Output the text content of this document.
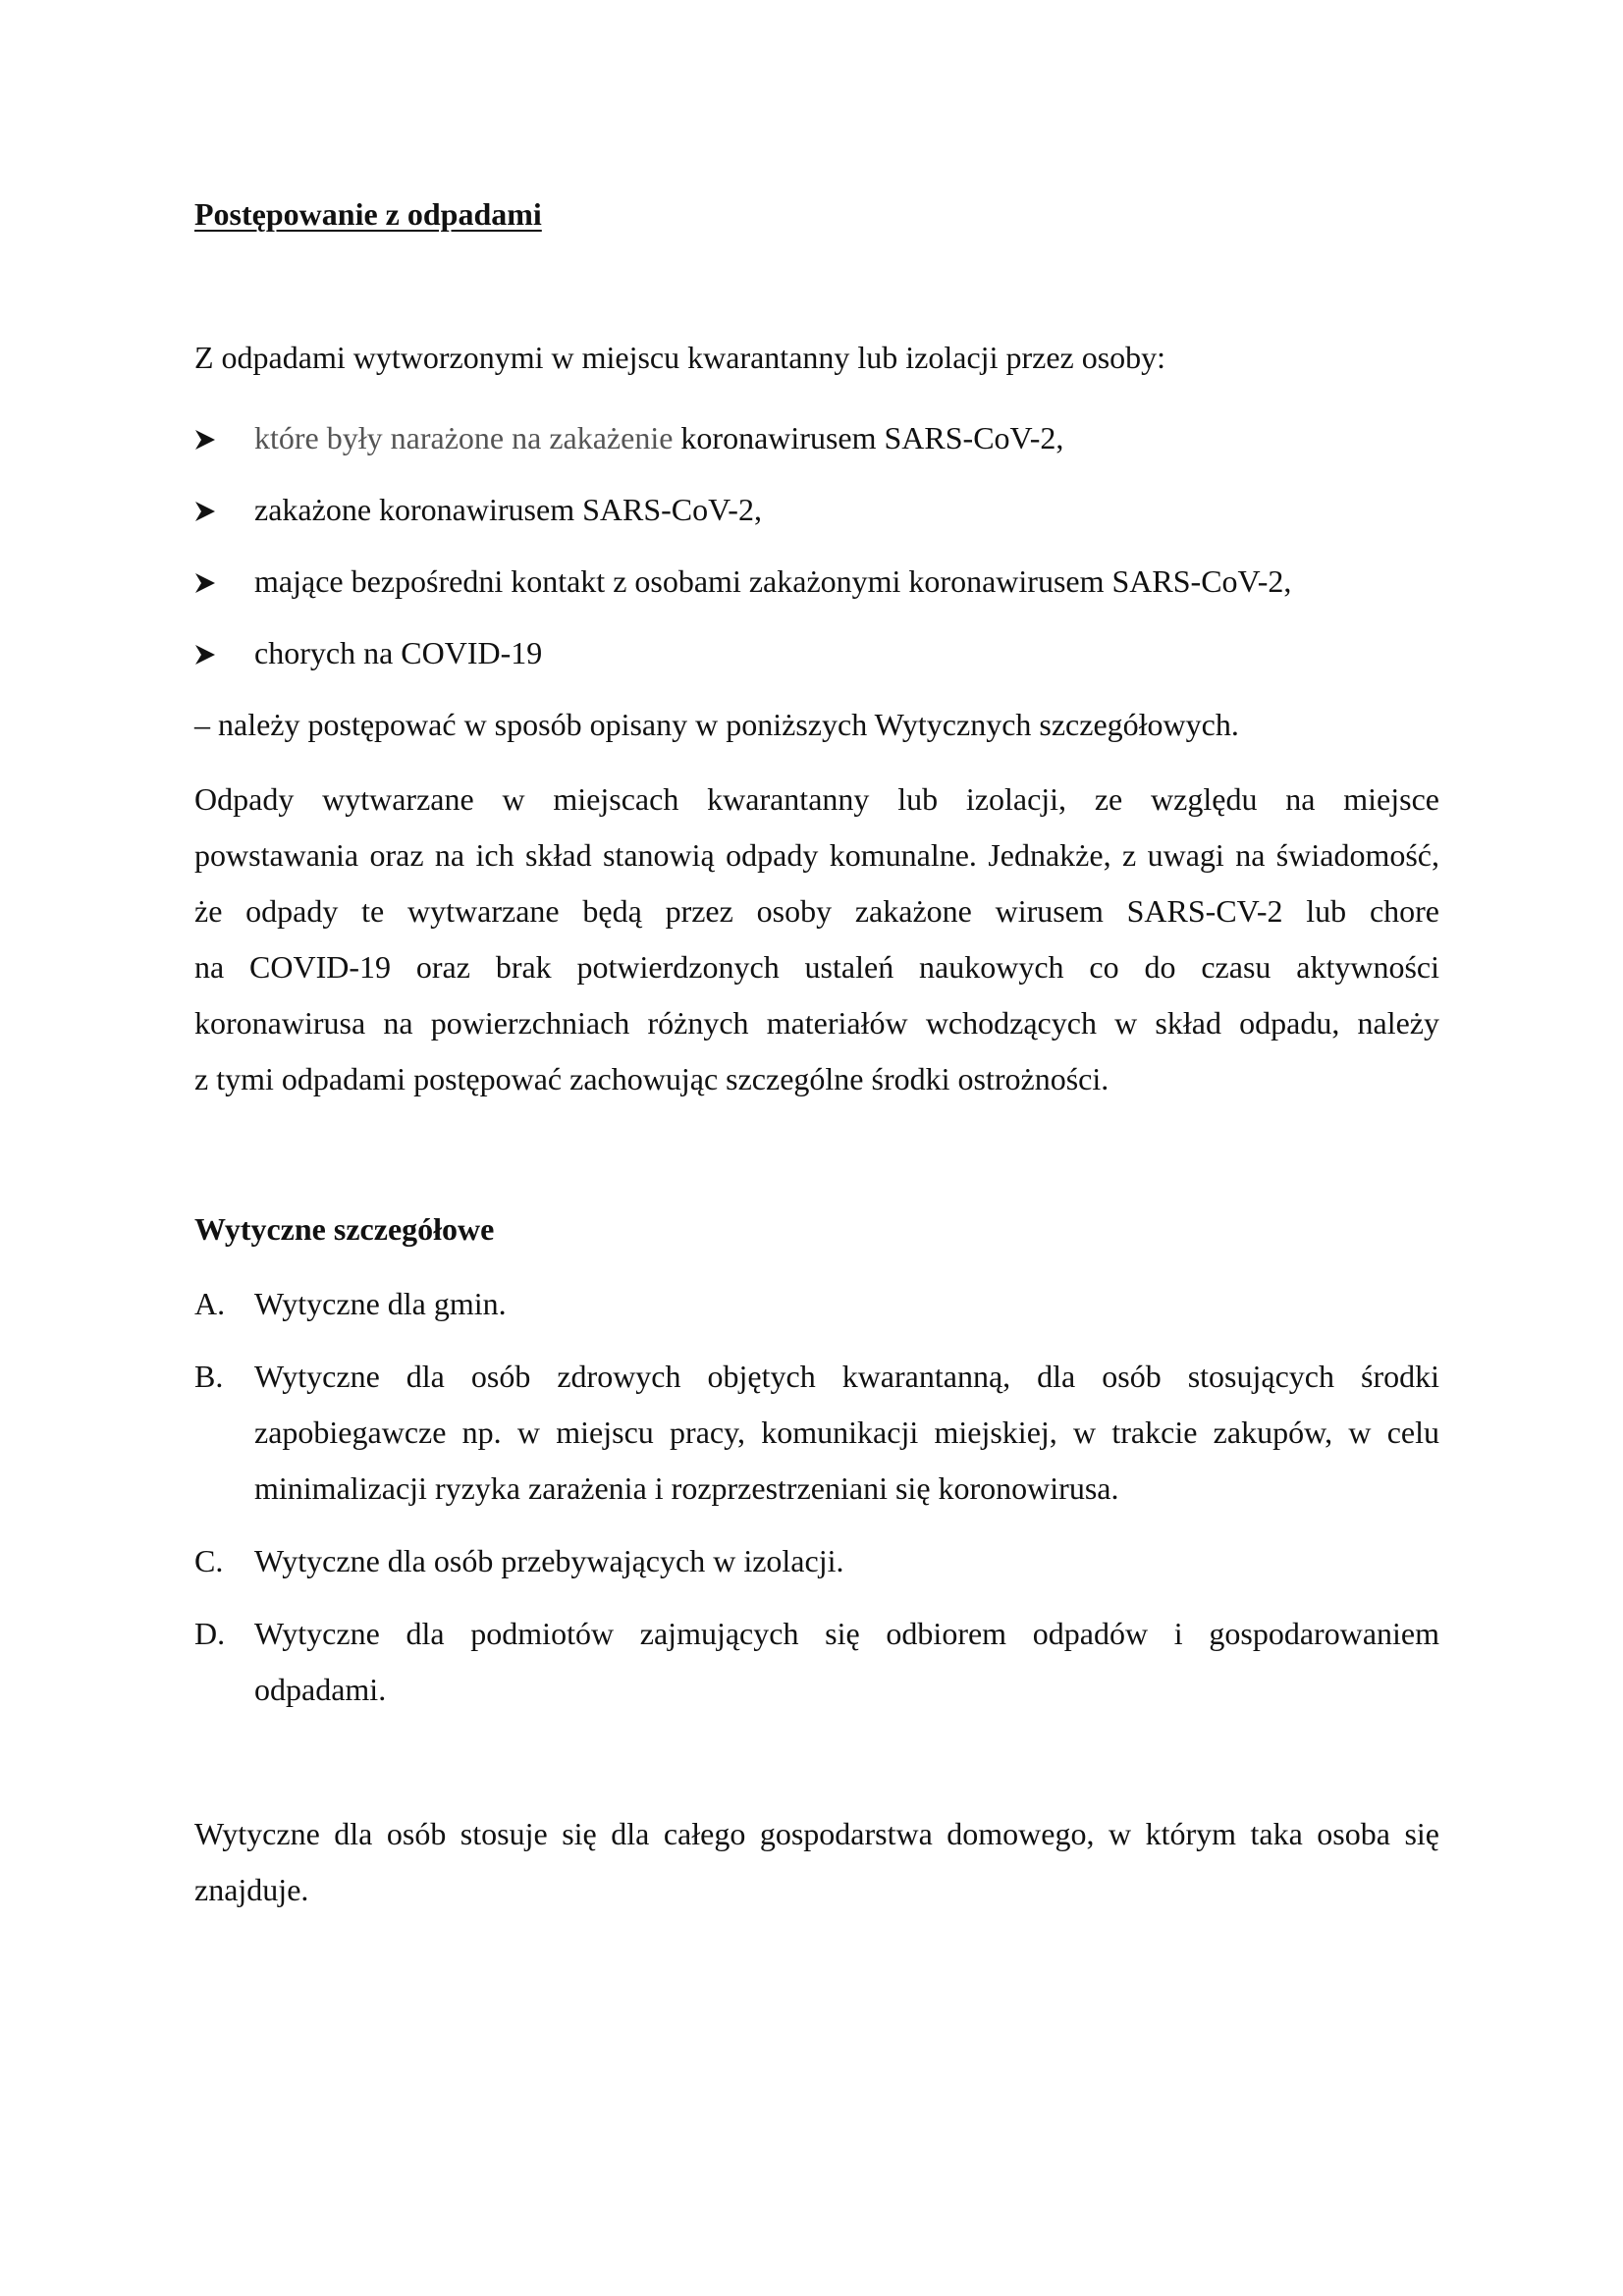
Postępowanie z odpadami
Z odpadami wytworzonymi w miejscu kwarantanny lub izolacji przez osoby:
które były narażone na zakażenie koronawirusem SARS-CoV-2,
zakażone koronawirusem SARS-CoV-2,
mające bezpośredni kontakt z osobami zakażonymi koronawirusem SARS-CoV-2,
chorych na COVID-19
– należy postępować w sposób opisany w poniższych Wytycznych szczegółowych.
Odpady wytwarzane w miejscach kwarantanny lub izolacji, ze względu na miejsce
powstawania oraz na ich skład stanowią odpady komunalne. Jednakże, z uwagi na świadomość,
że odpady te wytwarzane będą przez osoby zakażone wirusem SARS-CV-2 lub chore
na COVID-19 oraz brak potwierdzonych ustaleń naukowych co do czasu aktywności
koronawirusa na powierzchniach różnych materiałów wchodzących w skład odpadu, należy
z tymi odpadami postępować zachowując szczególne środki ostrożności.
Wytyczne szczegółowe
A. Wytyczne dla gmin.
B. Wytyczne dla osób zdrowych objętych kwarantanną, dla osób stosujących środki
zapobiegawcze np. w miejscu pracy, komunikacji miejskiej, w trakcie zakupów, w celu
minimalizacji ryzyka zarażenia i rozprzestrzeniani się koronowirusa.
C. Wytyczne dla osób przebywających w izolacji.
D. Wytyczne dla podmiotów zajmujących się odbiorem odpadów i gospodarowaniem
odpadami.
Wytyczne dla osób stosuje się dla całego gospodarstwa domowego, w którym taka osoba się
znajduje.
